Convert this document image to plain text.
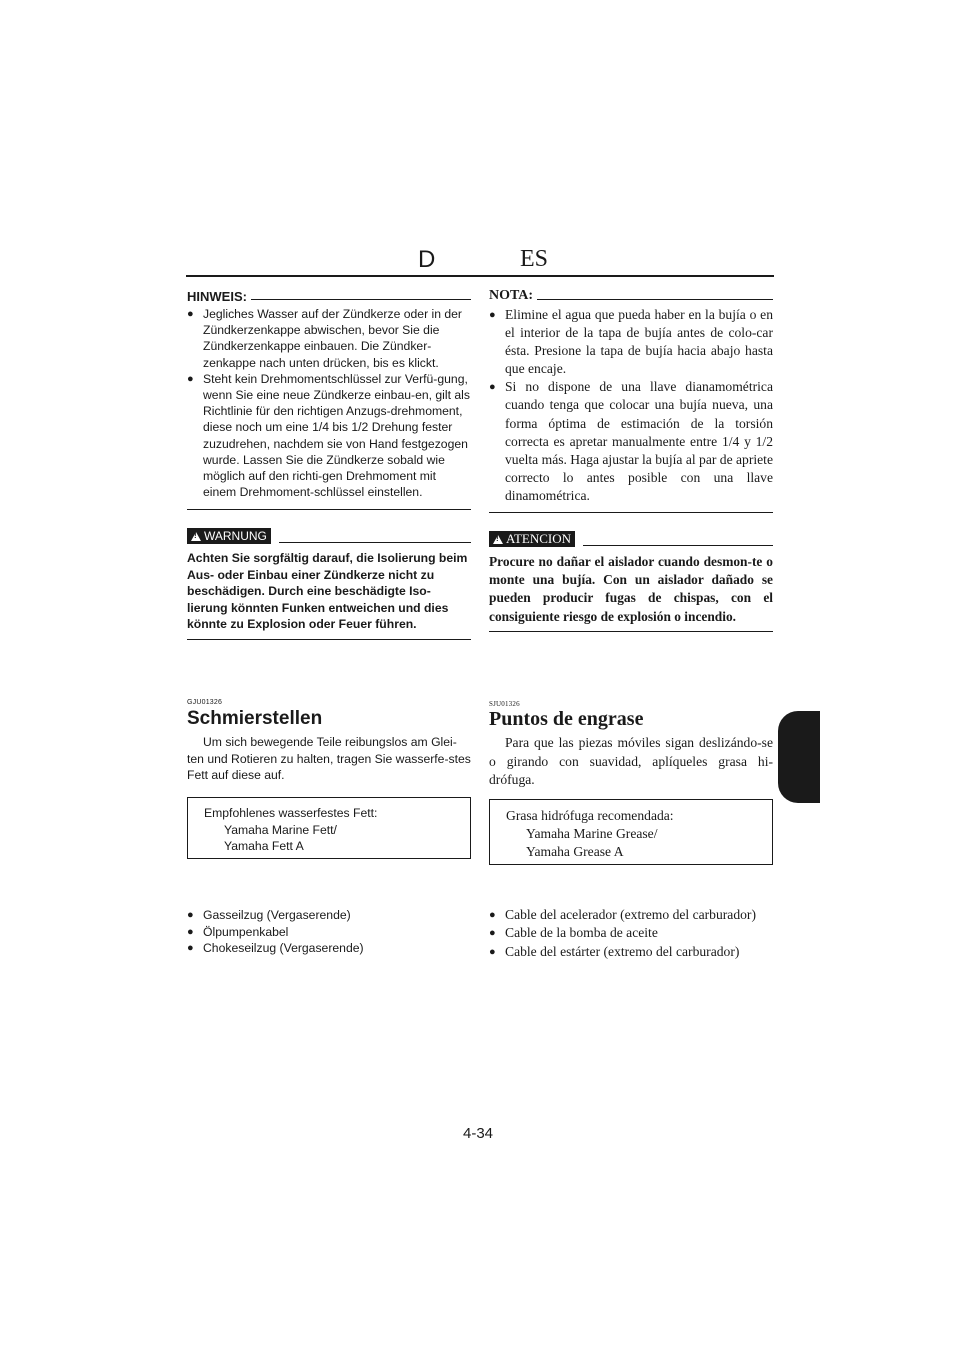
D	ES
HINWEIS:
● Jegliches Wasser auf der Zündkerze oder in der Zündkerzenkappe abwischen, bevor Sie die Zündkerzenkappe einbauen. Die Zündker-zenkappe nach unten drücken, bis es klickt.
● Steht kein Drehmomentschlüssel zur Verfü-gung, wenn Sie eine neue Zündkerze einbau-en, gilt als Richtlinie für den richtigen Anzugs-drehmoment, diese noch um eine 1/4 bis 1/2 Drehung fester zuzudrehen, nachdem sie von Hand festgezogen wurde. Lassen Sie die Zündkerze sobald wie möglich auf den richti-gen Drehmoment mit einem Drehmoment-schlüssel einstellen.
!
WARNUNG
Achten Sie sorgfältig darauf, die Isolierung beim Aus- oder Einbau einer Zündkerze nicht zu beschädigen. Durch eine beschädigte Iso-lierung könnten Funken entweichen und dies könnte zu Explosion oder Feuer führen.
GJU01326
Schmierstellen
Um sich bewegende Teile reibungslos am Glei-ten und Rotieren zu halten, tragen Sie wasserfe-stes Fett auf diese auf.
Empfohlenes wasserfestes Fett:
Yamaha Marine Fett/
Yamaha Fett A
● Gasseilzug (Vergaserende)
● Ölpumpenkabel
● Chokeseilzug (Vergaserende)
NOTA:
● Elimine el agua que pueda haber en la bujía o en el interior de la tapa de bujía antes de colo-car ésta. Presione la tapa de bujía hacia abajo hasta que encaje.
● Si no dispone de una llave dianamométrica cuando tenga que colocar una bujía nueva, una forma óptima de estimación de la torsión correcta es apretar manualmente entre 1/4 y 1/2 vuelta más. Haga ajustar la bujía al par de apriete correcto lo antes posible con una llave dinamométrica.
!
ATENCION
Procure no dañar el aislador cuando desmon-te o monte una bujía. Con un aislador dañado se pueden producir fugas de chispas, con el consiguiente riesgo de explosión o incendio.
SJU01326
Puntos de engrase
Para que las piezas móviles sigan deslizándo-se o girando con suavidad, aplíqueles grasa hi-drófuga.
Grasa hidrófuga recomendada:
Yamaha Marine Grease/
Yamaha Grease A
● Cable del acelerador (extremo del carburador)
● Cable de la bomba de aceite
● Cable del estárter (extremo del carburador)
4-34
